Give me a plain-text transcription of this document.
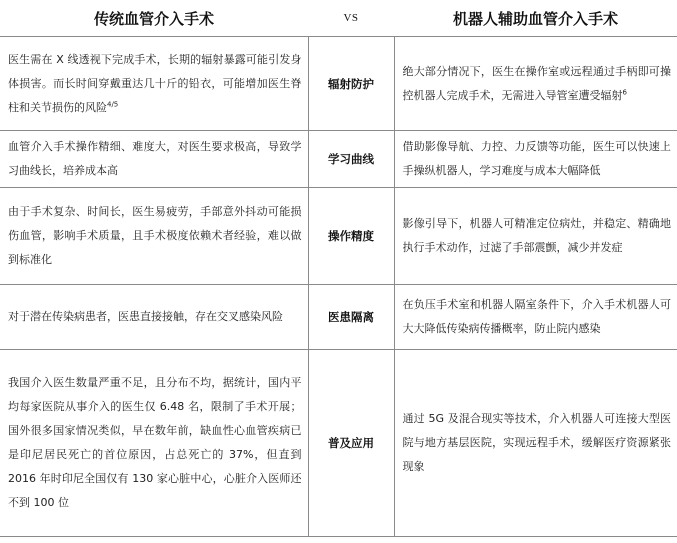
传统血管介入手术	VS	机器人辅助血管介入手术
医生需在 X 线透视下完成手术，长期的辐射暴露可能引发身体损害。而长时间穿戴重达几十斤的铅衣，可能增加医生脊柱和关节损伤的风险$^{4/5}$	辐射防护	绝大部分情况下，医生在操作室或远程通过手柄即可操控机器人完成手术，无需进入导管室遭受辐射$^6$
血管介入手术操作精细、难度大，对医生要求极高，导致学习曲线长，培养成本高	学习曲线	借助影像导航、力控、力反馈等功能，医生可以快速上手操纵机器人，学习难度与成本大幅降低
由于手术复杂、时间长，医生易疲劳，手部意外抖动可能损伤血管，影响手术质量，且手术极度依赖术者经验，难以做到标准化	操作精度	影像引导下，机器人可精准定位病灶，并稳定、精确地执行手术动作，过滤了手部震颤，减少并发症
对于潜在传染病患者，医患直接接触，存在交叉感染风险	医患隔离	在负压手术室和机器人隔室条件下，介入手术机器人可大大降低传染病传播概率，防止院内感染
我国介入医生数量严重不足，且分布不均，据统计，国内平均每家医院从事介入的医生仅 6.48 名，限制了手术开展；国外很多国家情况类似，早在数年前，缺血性心血管疾病已是印尼居民死亡的首位原因，占总死亡的 37%，但直到 2016 年时印尼全国仅有 130 家心脏中心，心脏介入医师还不到 100 位	普及应用	通过 5G 及混合现实等技术，介入机器人可连接大型医院与地方基层医院，实现远程手术，缓解医疗资源紧张现象
